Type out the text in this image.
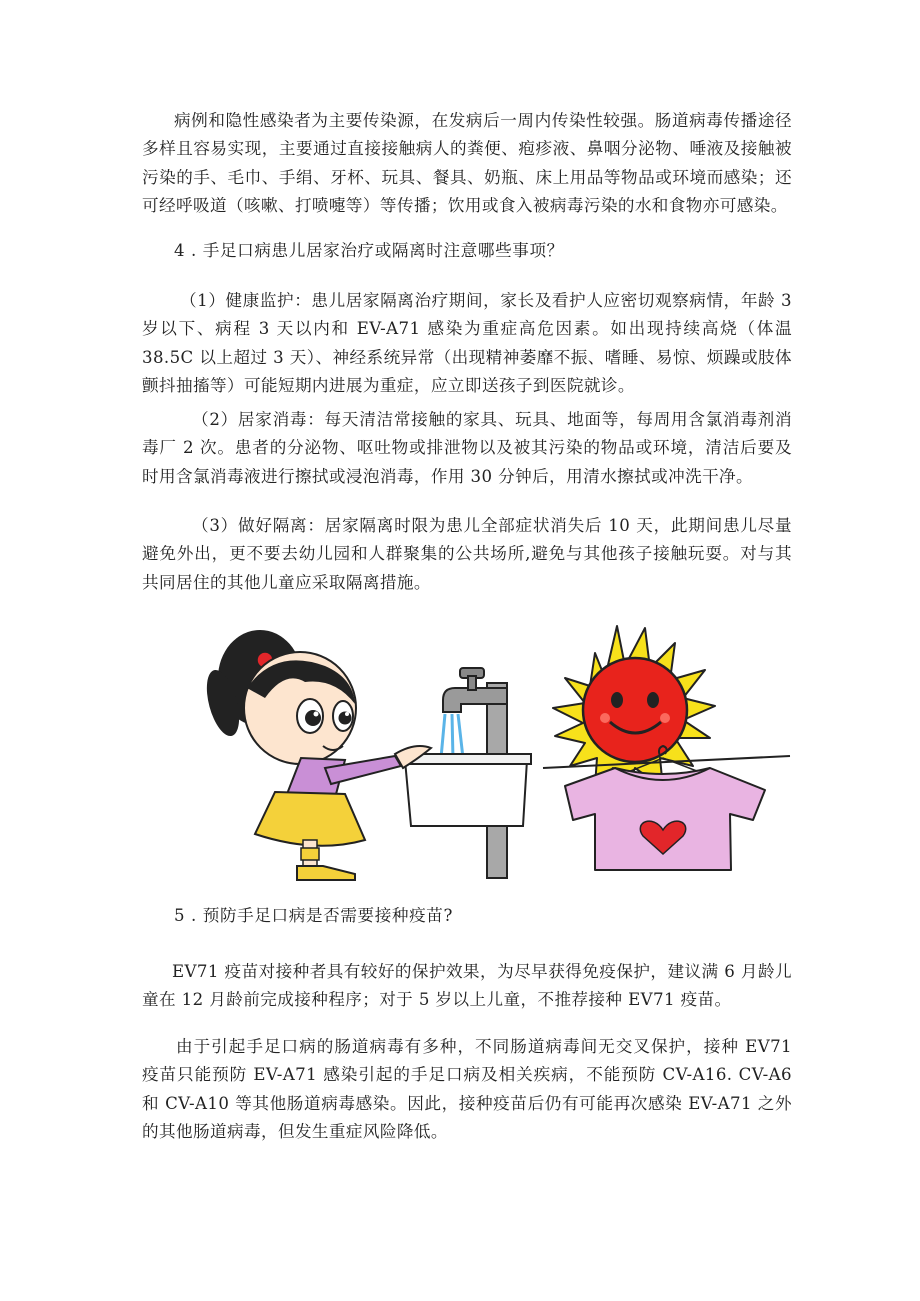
病例和隐性感染者为主要传染源，在发病后一周内传染性较强。肠道病毒传播途径多样且容易实现，主要通过直接接触病人的粪便、疱疹液、鼻咽分泌物、唾液及接触被污染的手、毛巾、手绢、牙杯、玩具、餐具、奶瓶、床上用品等物品或环境而感染；还可经呼吸道（咳嗽、打喷嚏等）等传播；饮用或食入被病毒污染的水和食物亦可感染。

4 . 手足口病患儿居家治疗或隔离时注意哪些事项？

（1）健康监护：患儿居家隔离治疗期间，家长及看护人应密切观察病情，年龄 3 岁以下、病程 3 天以内和 EV-A71 感染为重症高危因素。如出现持续高烧（体温 38.5C 以上超过 3 天）、神经系统异常（出现精神萎靡不振、嗜睡、易惊、烦躁或肢体颤抖抽搐等）可能短期内进展为重症，应立即送孩子到医院就诊。

（2）居家消毒：每天清洁常接触的家具、玩具、地面等，每周用含氯消毒剂消毒厂 2 次。患者的分泌物、呕吐物或排泄物以及被其污染的物品或环境，清洁后要及时用含氯消毒液进行擦拭或浸泡消毒，作用 30 分钟后，用清水擦拭或冲洗干净。

（3）做好隔离：居家隔离时限为患儿全部症状消失后 10 天，此期间患儿尽量避免外出，更不要去幼儿园和人群聚集的公共场所,避免与其他孩子接触玩耍。对与其共同居住的其他儿童应采取隔离措施。

5 . 预防手足口病是否需要接种疫苗?

EV71 疫苗对接种者具有较好的保护效果，为尽早获得免疫保护，建议满 6 月龄儿童在 12 月龄前完成接种程序；对于 5 岁以上儿童，不推荐接种 EV71 疫苗。

由于引起手足口病的肠道病毒有多种，不同肠道病毒间无交叉保护，接种 EV71 疫苗只能预防 EV-A71 感染引起的手足口病及相关疾病，不能预防 CV-A16. CV-A6 和 CV-A10 等其他肠道病毒感染。因此，接种疫苗后仍有可能再次感染 EV-A71 之外的其他肠道病毒，但发生重症风险降低。
